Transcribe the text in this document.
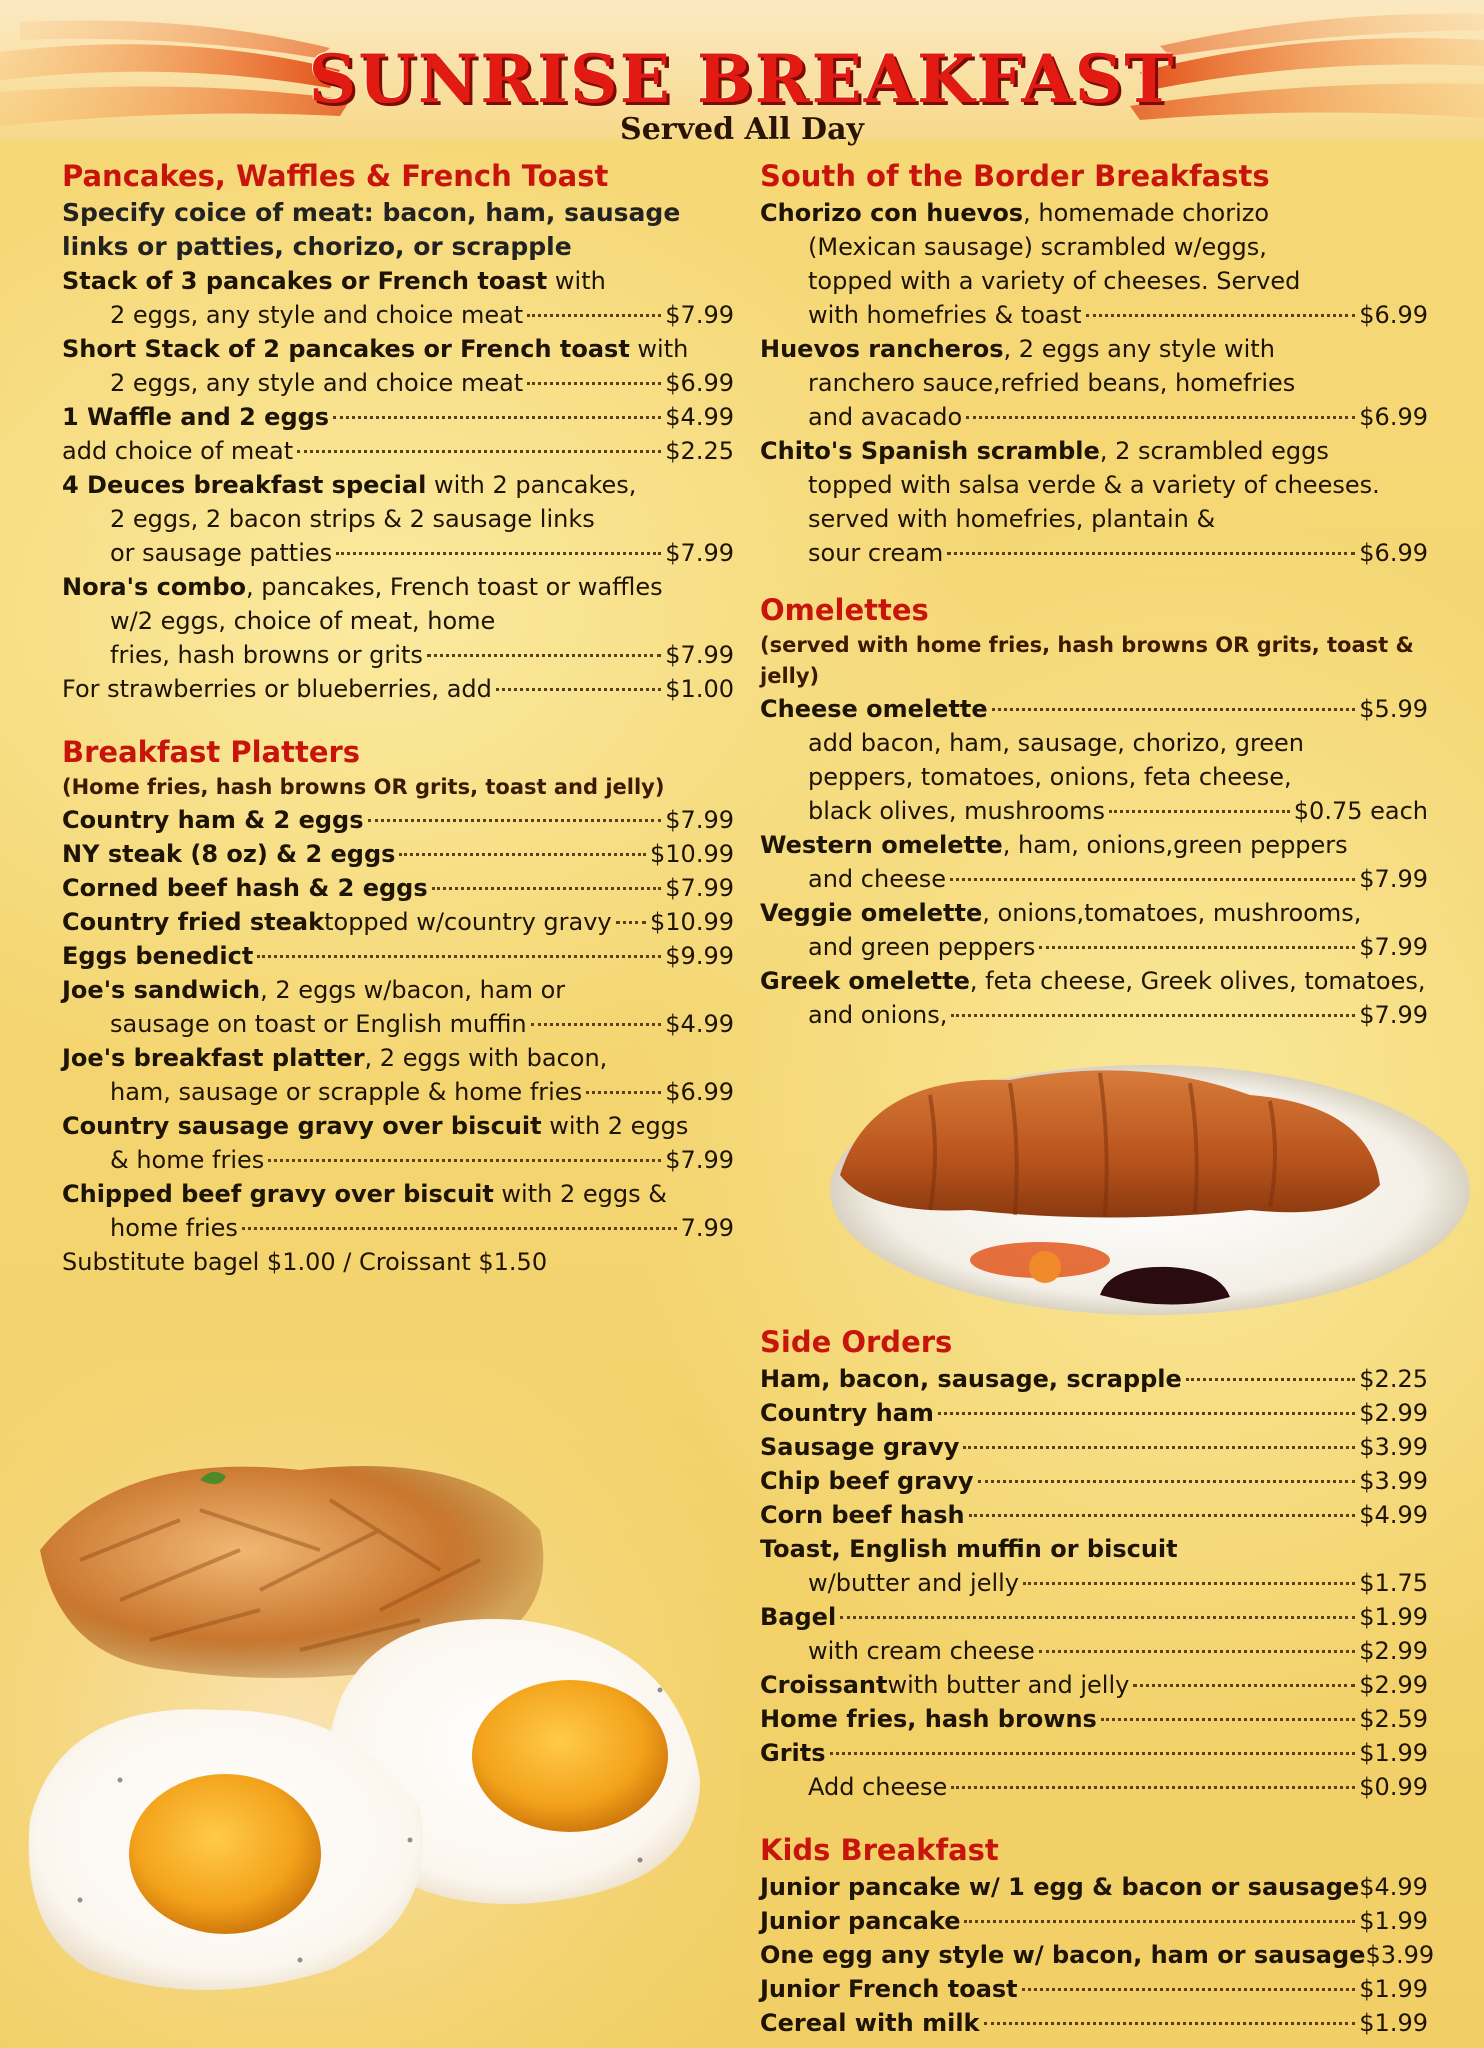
SUNRISE BREAKFAST
Served All Day
Pancakes, Waffles & French Toast
Specify coice of meat: bacon, ham, sausage links or patties, chorizo, or scrapple
Stack of 3 pancakes or French toast with
2 eggs, any style and choice meat	$7.99
Short Stack of 2 pancakes or French toast with
2 eggs, any style and choice meat	$6.99
1 Waffle and 2 eggs	$4.99
add choice of meat	$2.25
4 Deuces breakfast special with 2 pancakes,
2 eggs, 2 bacon strips & 2 sausage links
or sausage patties	$7.99
Nora's combo, pancakes, French toast or waffles
w/2 eggs, choice of meat, home
fries, hash browns or grits	$7.99
For strawberries or blueberries, add	$1.00
Breakfast Platters
(Home fries, hash browns OR grits, toast and jelly)
Country ham & 2 eggs	$7.99
NY steak (8 oz) & 2 eggs	$10.99
Corned beef hash & 2 eggs	$7.99
Country fried steak topped w/country gravy $10.99
Eggs benedict	$9.99
Joe's sandwich, 2 eggs w/bacon, ham or
sausage on toast or English muffin	$4.99
Joe's breakfast platter, 2 eggs with bacon,
ham, sausage or scrapple & home fries	$6.99
Country sausage gravy over biscuit with 2 eggs
& home fries	$7.99
Chipped beef gravy over biscuit with 2 eggs &
home fries	7.99
Substitute bagel $1.00 / Croissant $1.50
South of the Border Breakfasts
Chorizo con huevos, homemade chorizo
(Mexican sausage) scrambled w/eggs,
topped with a variety of cheeses. Served
with homefries & toast	$6.99
Huevos rancheros, 2 eggs any style with
ranchero sauce,refried beans, homefries
and avacado	$6.99
Chito's Spanish scramble, 2 scrambled eggs
topped with salsa verde & a variety of cheeses.
served with homefries, plantain &
sour cream	$6.99
Omelettes
(served with home fries, hash browns OR grits, toast & jelly)
Cheese omelette	$5.99
add bacon, ham, sausage, chorizo, green
peppers, tomatoes, onions, feta cheese,
black olives, mushrooms	$0.75 each
Western omelette, ham, onions,green peppers
and cheese	$7.99
Veggie omelette, onions,tomatoes, mushrooms,
and green peppers	$7.99
Greek omelette, feta cheese, Greek olives, tomatoes,
and onions,	$7.99
Side Orders
Ham, bacon, sausage, scrapple	$2.25
Country ham	$2.99
Sausage gravy	$3.99
Chip beef gravy	$3.99
Corn beef hash	$4.99
Toast, English muffin or biscuit
w/butter and jelly	$1.75
Bagel	$1.99
with cream cheese	$2.99
Croissant with butter and jelly	$2.99
Home fries, hash browns	$2.59
Grits	$1.99
Add cheese	$0.99
Kids Breakfast
Junior pancake w/ 1 egg & bacon or sausage $4.99
Junior pancake	$1.99
One egg any style w/ bacon, ham or sausage $3.99
Junior French toast	$1.99
Cereal with milk	$1.99
